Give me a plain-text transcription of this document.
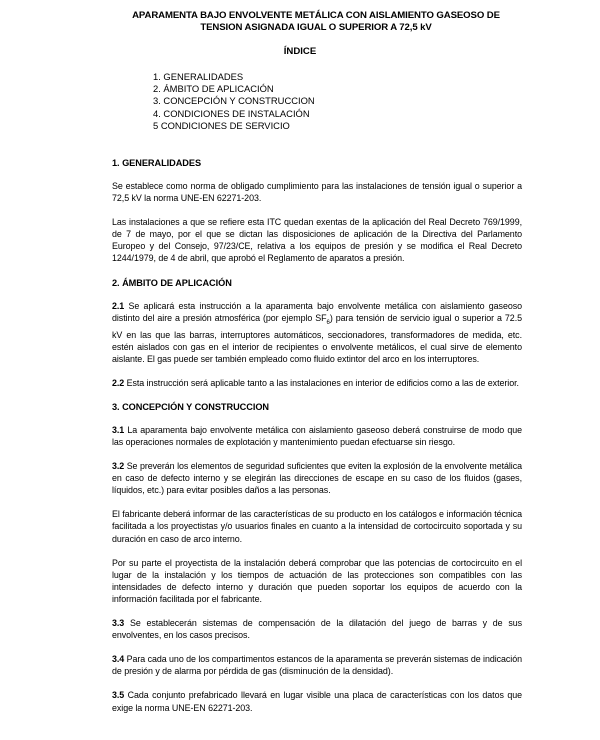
APARAMENTA BAJO ENVOLVENTE METÁLICA CON AISLAMIENTO GASEOSO DE TENSION ASIGNADA IGUAL O SUPERIOR A 72,5 kV
ÍNDICE
1. GENERALIDADES
2. ÁMBITO DE APLICACIÓN
3. CONCEPCIÓN Y CONSTRUCCION
4. CONDICIONES DE INSTALACIÓN
5 CONDICIONES DE SERVICIO
1. GENERALIDADES

Se establece como norma de obligado cumplimiento para las instalaciones de tensión igual o superior a 72,5 kV la norma UNE-EN 62271-203.

Las instalaciones a que se refiere esta ITC quedan exentas de la aplicación del Real Decreto 769/1999, de 7 de mayo, por el que se dictan las disposiciones de aplicación de la Directiva del Parlamento Europeo y del Consejo, 97/23/CE, relativa a los equipos de presión y se modifica el Real Decreto 1244/1979, de 4 de abril, que aprobó el Reglamento de aparatos a presión.

2. ÁMBITO DE APLICACIÓN

2.1 Se aplicará esta instrucción a la aparamenta bajo envolvente metálica con aislamiento gaseoso distinto del aire a presión atmosférica (por ejemplo $SF_6$) para tensión de servicio igual o superior a 72.5 kV en las que las barras, interruptores automáticos, seccionadores, transformadores de medida, etc. estén aislados con gas en el interior de recipientes o envolvente metálicos, el cual sirve de elemento aislante. El gas puede ser también empleado como fluido extintor del arco en los interruptores.

2.2 Esta instrucción será aplicable tanto a las instalaciones en interior de edificios como a las de exterior.

3. CONCEPCIÓN Y CONSTRUCCION

3.1 La aparamenta bajo envolvente metálica con aislamiento gaseoso deberá construirse de modo que las operaciones normales de explotación y mantenimiento puedan efectuarse sin riesgo.

3.2 Se preverán los elementos de seguridad suficientes que eviten la explosión de la envolvente metálica en caso de defecto interno y se elegirán las direcciones de escape en su caso de los fluidos (gases, líquidos, etc.) para evitar posibles daños a las personas.

El fabricante deberá informar de las características de su producto en los catálogos e información técnica facilitada a los proyectistas y/o usuarios finales en cuanto a la intensidad de cortocircuito soportada y su duración en caso de arco interno.

Por su parte el proyectista de la instalación deberá comprobar que las potencias de cortocircuito en el lugar de la instalación y los tiempos de actuación de las protecciones son compatibles con las intensidades de defecto interno y duración que pueden soportar los equipos de acuerdo con la información facilitada por el fabricante.

3.3 Se establecerán sistemas de compensación de la dilatación del juego de barras y de sus envolventes, en los casos precisos.

3.4 Para cada uno de los compartimentos estancos de la aparamenta se preverán sistemas de indicación de presión y de alarma por pérdida de gas (disminución de la densidad).

3.5 Cada conjunto prefabricado llevará en lugar visible una placa de características con los datos que exige la norma UNE-EN 62271-203.
